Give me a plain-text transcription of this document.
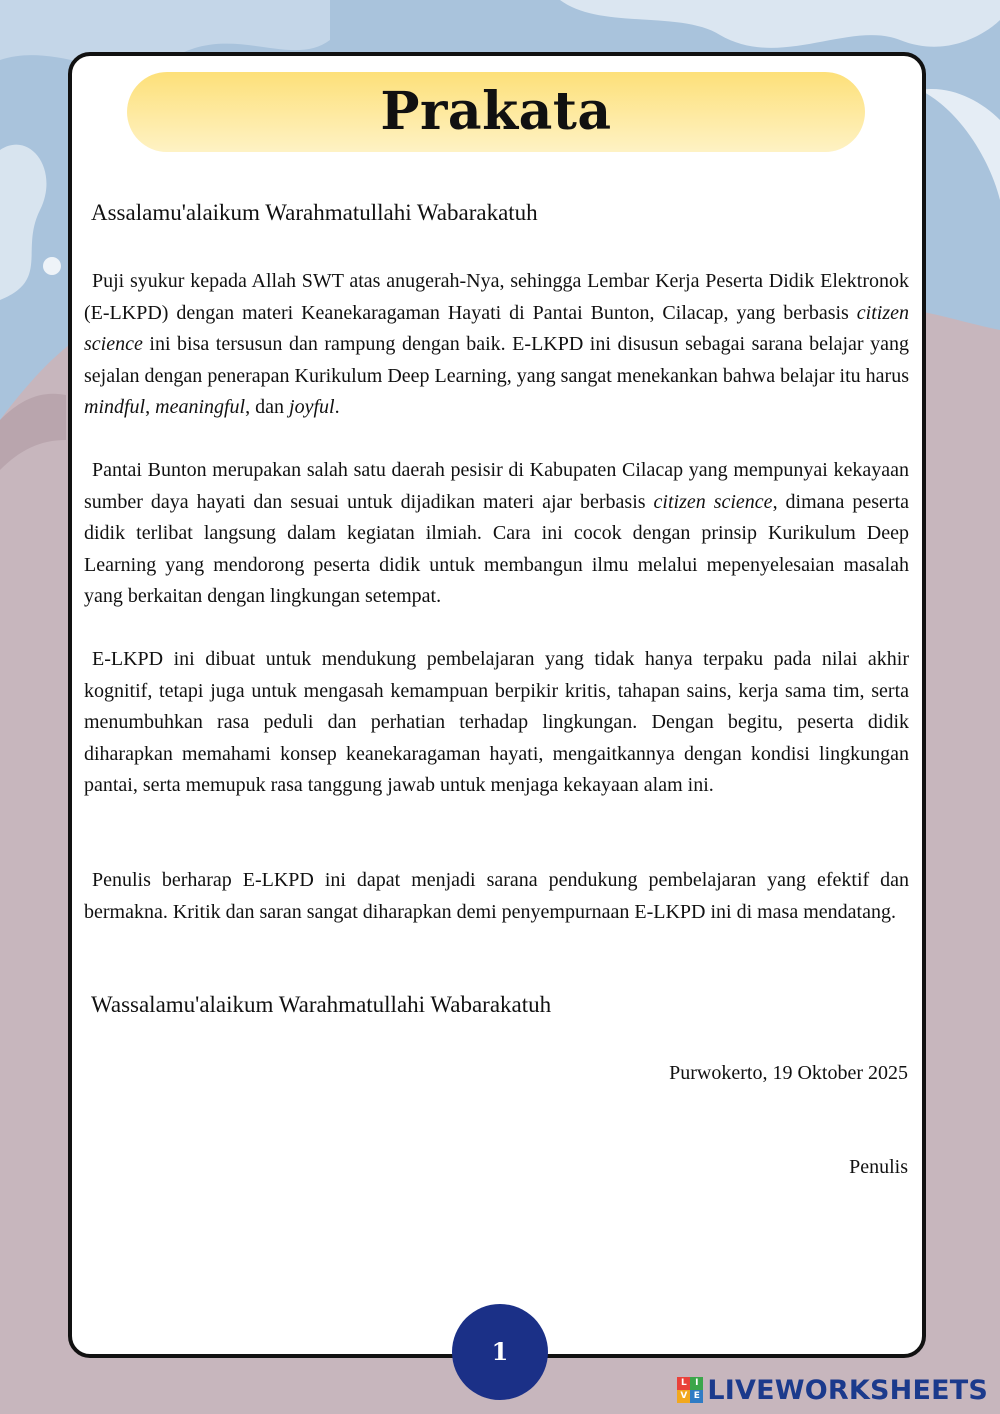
Prakata
Assalamu'alaikum Warahmatullahi Wabarakatuh

Puji syukur kepada Allah SWT atas anugerah-Nya, sehingga Lembar Kerja Peserta Didik Elektronok (E-LKPD) dengan materi Keanekaragaman Hayati di Pantai Bunton, Cilacap, yang berbasis citizen science ini bisa tersusun dan rampung dengan baik. E-LKPD ini disusun sebagai sarana belajar yang sejalan dengan penerapan Kurikulum Deep Learning, yang sangat menekankan bahwa belajar itu harus mindful, meaningful, dan joyful.

Pantai Bunton merupakan salah satu daerah pesisir di Kabupaten Cilacap yang mempunyai kekayaan sumber daya hayati dan sesuai untuk dijadikan materi ajar berbasis citizen science, dimana peserta didik terlibat langsung dalam kegiatan ilmiah. Cara ini cocok dengan prinsip Kurikulum Deep Learning yang mendorong peserta didik untuk membangun ilmu melalui mepenyelesaian masalah yang berkaitan dengan lingkungan setempat.

E-LKPD ini dibuat untuk mendukung pembelajaran yang tidak hanya terpaku pada nilai akhir kognitif, tetapi juga untuk mengasah kemampuan berpikir kritis, tahapan sains, kerja sama tim, serta menumbuhkan rasa peduli dan perhatian terhadap lingkungan. Dengan begitu, peserta didik diharapkan memahami konsep keanekaragaman hayati, mengaitkannya dengan kondisi lingkungan pantai, serta memupuk rasa tanggung jawab untuk menjaga kekayaan alam ini.

Penulis berharap E-LKPD ini dapat menjadi sarana pendukung pembelajaran yang efektif dan bermakna. Kritik dan saran sangat diharapkan demi penyempurnaan E-LKPD ini di masa mendatang.

Wassalamu'alaikum Warahmatullahi Wabarakatuh
Purwokerto, 19 Oktober 2025
Penulis
1
L I
V E LIVEWORKSHEETS
